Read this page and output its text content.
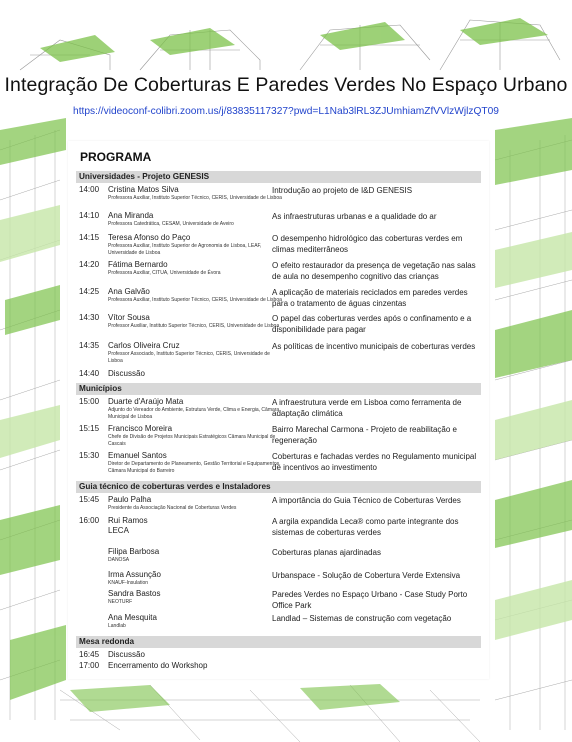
Integração De Coberturas E Paredes Verdes No Espaço Urbano
https://videoconf-colibri.zoom.us/j/83835117327?pwd=L1Nab3lRL3ZJUmhiamZfVVlzWjlzQT09
PROGRAMA
Universidades - Projeto GENESIS
14:00 Cristina Matos Silva
Professora Auxiliar, Instituto Superior Técnico, CERIS, Universidade de Lisboa
Introdução ao projeto de I&D GENESIS
14:10 Ana Miranda
Professora Catedrática, CESAM, Universidade de Aveiro
As infraestruturas urbanas e a qualidade do ar
14:15 Teresa Afonso do Paço
Professora Auxiliar, Instituto Superior de Agronomia de Lisboa, LEAF, Universidade de Lisboa
O desempenho hidrológico das coberturas verdes em climas mediterrâneos
14:20 Fátima Bernardo
Professora Auxiliar, CITUA, Universidade de Évora
O efeito restaurador da presença de vegetação nas salas de aula no desempenho cognitivo das crianças
14:25 Ana Galvão
Professora Auxiliar, Instituto Superior Técnico, CERIS, Universidade de Lisboa
A aplicação de materiais reciclados em paredes verdes para o tratamento de águas cinzentas
14:30 Vítor Sousa
Professor Auxiliar, Instituto Superior Técnico, CERIS, Universidade de Lisboa
O papel das coberturas verdes após o confinamento e a disponibilidade para pagar
14:35 Carlos Oliveira Cruz
Professor Associado, Instituto Superior Técnico, CERIS, Universidade de Lisboa
As políticas de incentivo municipais de coberturas verdes
14:40 Discussão
Municípios
15:00 Duarte d'Araújo Mata
Adjunto do Vereador do Ambiente, Estrutura Verde, Clima e Energia, Câmara Municipal de Lisboa
A infraestrutura verde em Lisboa como ferramenta de adaptação climática
15:15 Francisco Moreira
Chefe de Divisão de Projetos Municipais Estratégicos Câmara Municipal de Cascais
Bairro Marechal Carmona - Projeto de reabilitação e regeneração
15:30 Emanuel Santos
Diretor de Departamento de Planeamento, Gestão Territorial e Equipamentos, Câmara Municipal do Barreiro
Coberturas e fachadas verdes no Regulamento municipal de incentivos ao investimento
Guia técnico de coberturas verdes e Instaladores
15:45 Paulo Palha
Presidente da Associação Nacional de Coberturas Verdes
A importância do Guia Técnico de Coberturas Verdes
16:00 Rui Ramos
LECA
A argila expandida Leca® como parte integrante dos sistemas de coberturas verdes
Filipa Barbosa
DANOSA
Coberturas planas ajardinadas
Irma Assunção
KNAUF-Insulation
Urbanspace - Solução de Cobertura Verde Extensiva
Sandra Bastos
NEOTURF
Paredes Verdes no Espaço Urbano - Case Study Porto Office Park
Ana Mesquita
Landlab
Landlad – Sistemas de construção com vegetação
Mesa redonda
16:45 Discussão
17:00 Encerramento do Workshop
